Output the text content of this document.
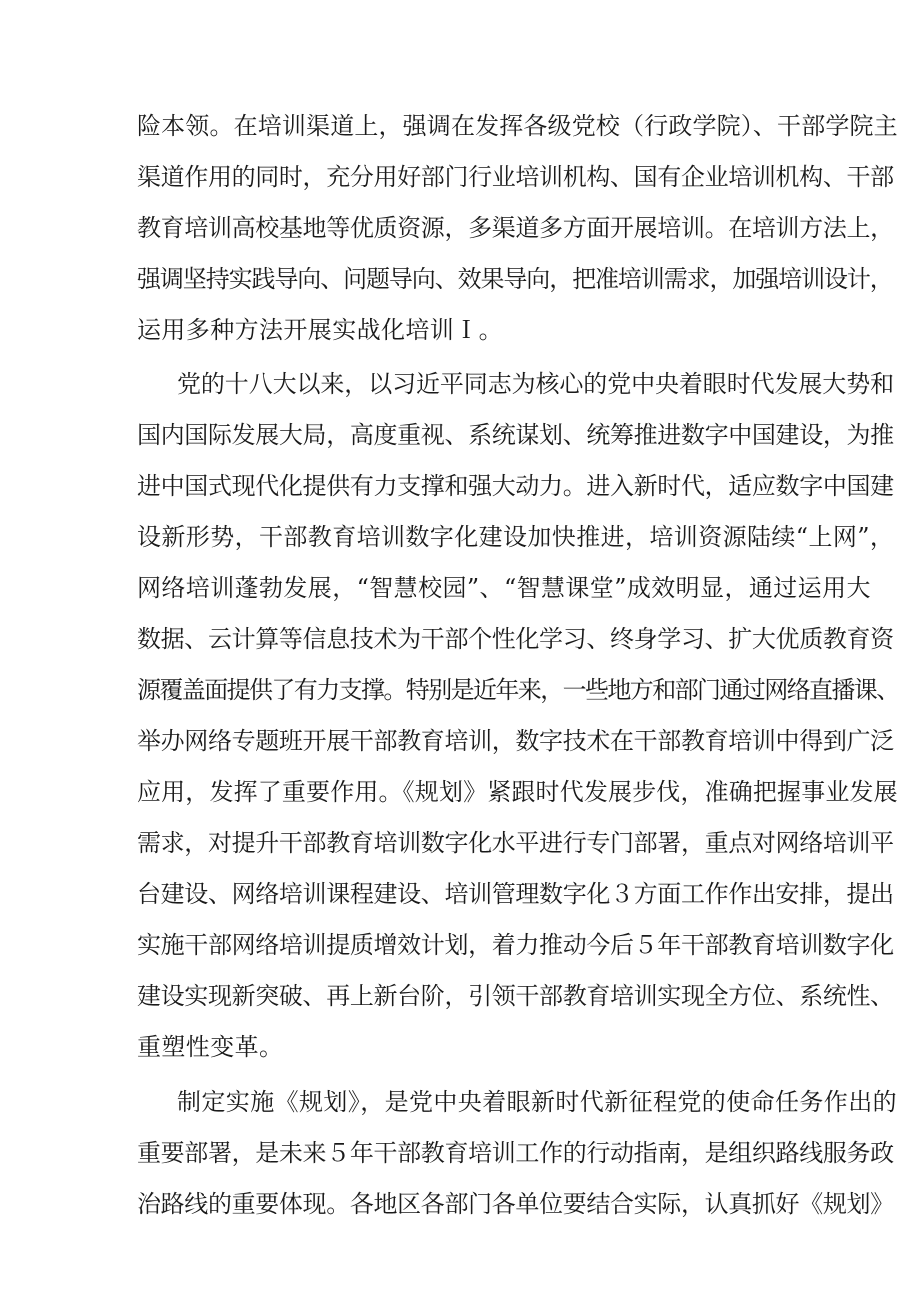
险本领。在培训渠道上，强调在发挥各级党校（行政学院）、干部学院主
渠道作用的同时，充分用好部门行业培训机构、国有企业培训机构、干部
教育培训高校基地等优质资源，多渠道多方面开展培训。在培训方法上，
强调坚持实践导向、问题导向、效果导向，把准培训需求，加强培训设计，
运用多种方法开展实战化培训Ｉ。
党的十八大以来，以习近平同志为核心的党中央着眼时代发展大势和
国内国际发展大局，高度重视、系统谋划、统筹推进数字中国建设，为推
进中国式现代化提供有力支撑和强大动力。进入新时代，适应数字中国建
设新形势，干部教育培训数字化建设加快推进，培训资源陆续“上网”，
网络培训蓬勃发展，“智慧校园”、“智慧课堂”成效明显，通过运用大
数据、云计算等信息技术为干部个性化学习、终身学习、扩大优质教育资
源覆盖面提供了有力支撑。特别是近年来，一些地方和部门通过网络直播课、
举办网络专题班开展干部教育培训，数字技术在干部教育培训中得到广泛
应用，发挥了重要作用。《规划》紧跟时代发展步伐，准确把握事业发展
需求，对提升干部教育培训数字化水平进行专门部署，重点对网络培训平
台建设、网络培训课程建设、培训管理数字化３方面工作作出安排，提出
实施干部网络培训提质增效计划，着力推动今后５年干部教育培训数字化
建设实现新突破、再上新台阶，引领干部教育培训实现全方位、系统性、
重塑性变革。
制定实施《规划》，是党中央着眼新时代新征程党的使命任务作出的
重要部署，是未来５年干部教育培训工作的行动指南，是组织路线服务政
治路线的重要体现。各地区各部门各单位要结合实际，认真抓好《规划》
